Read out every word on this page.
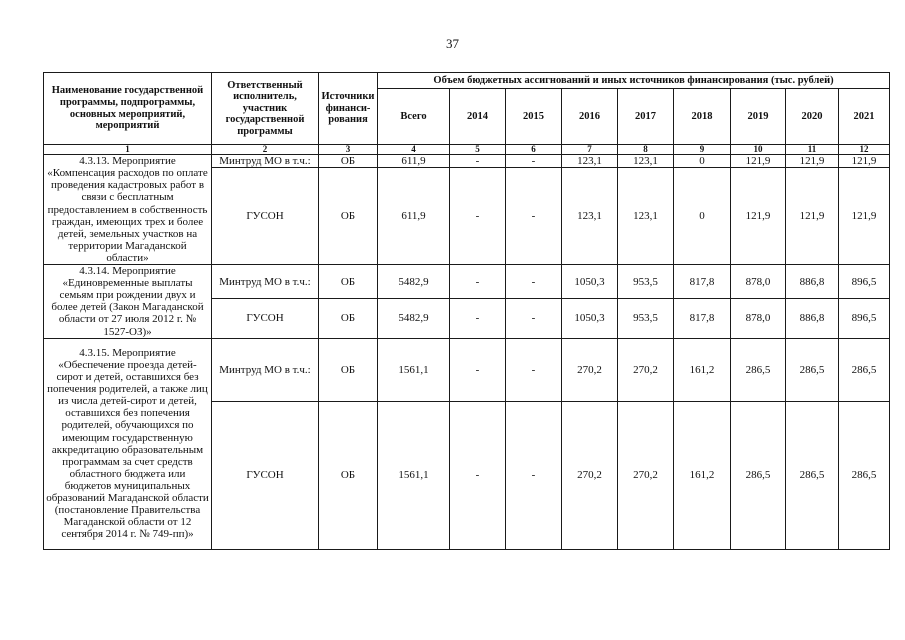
37
Наименование государственной программы, подпрограммы, основных мероприятий, мероприятий	Ответственный исполнитель, участник государственной программы	Источники финанси-рования	Объем бюджетных ассигнований и иных источников финансирования (тыс. рублей)								
			Всего	2014	2015	2016	2017	2018	2019	2020	2021
1	2	3	4	5	6	7	8	9	10	11	12
4.3.13. Мероприятие «Компенсация расходов по оплате проведения кадастровых работ в связи с бесплатным предоставлением в собственность граждан, имеющих трех и более детей, земельных участков на территории Магаданской области»	Минтруд МО в т.ч.:	ОБ	611,9	-	-	123,1	123,1	0	121,9	121,9	121,9
	ГУСОН	ОБ	611,9	-	-	123,1	123,1	0	121,9	121,9	121,9
4.3.14. Мероприятие «Единовременные выплаты семьям при рождении двух и более детей (Закон Магаданской области от 27 июля 2012 г. № 1527-ОЗ)»	Минтруд МО в т.ч.:	ОБ	5482,9	-	-	1050,3	953,5	817,8	878,0	886,8	896,5
	ГУСОН	ОБ	5482,9	-	-	1050,3	953,5	817,8	878,0	886,8	896,5
4.3.15. Мероприятие «Обеспечение проезда детей-сирот и детей, оставшихся без попечения родителей, а также лиц из числа детей-сирот и детей, оставшихся без попечения родителей, обучающихся по имеющим государственную аккредитацию образовательным программам за счет средств областного бюджета или бюджетов муниципальных образований Магаданской области (постановление Правительства Магаданской области от 12 сентября 2014 г. № 749-пп)»	Минтруд МО в т.ч.:	ОБ	1561,1	-	-	270,2	270,2	161,2	286,5	286,5	286,5
	ГУСОН	ОБ	1561,1	-	-	270,2	270,2	161,2	286,5	286,5	286,5
